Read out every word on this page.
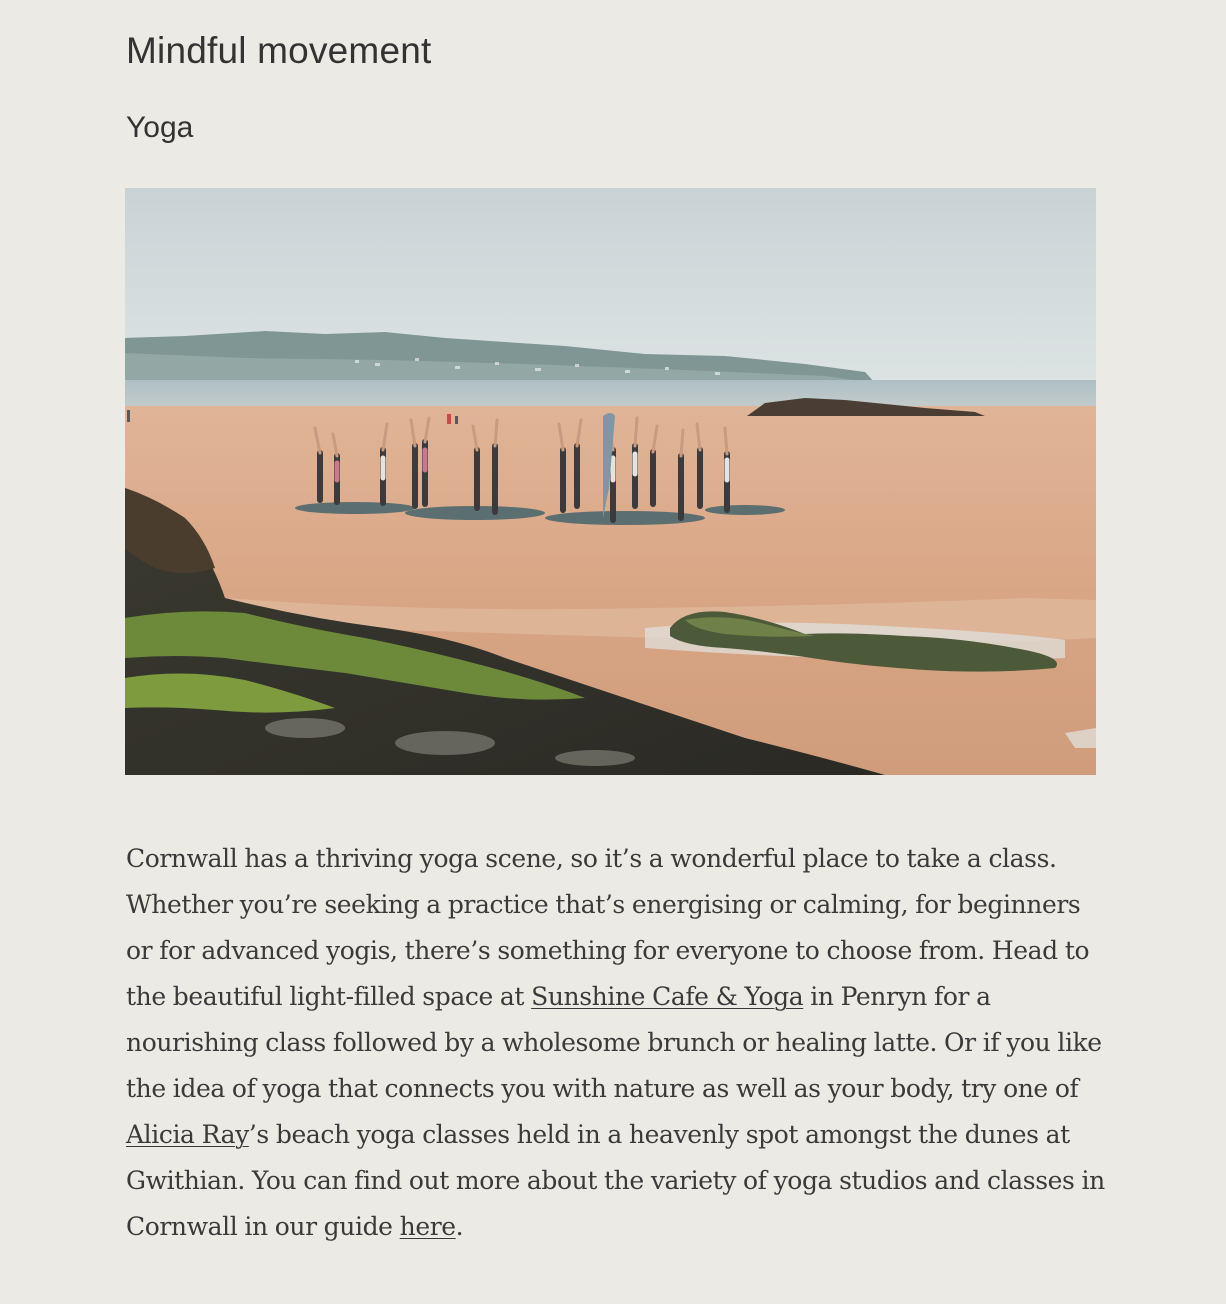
Mindful movement
Yoga

Cornwall has a thriving yoga scene, so it’s a wonderful place to take a class. Whether you’re seeking a practice that’s energising or calming, for beginners or for advanced yogis, there’s something for everyone to choose from. Head to the beautiful light-filled space at Sunshine Cafe & Yoga in Penryn for a nourishing class followed by a wholesome brunch or healing latte. Or if you like the idea of yoga that connects you with nature as well as your body, try one of Alicia Ray’s beach yoga classes held in a heavenly spot amongst the dunes at Gwithian. You can find out more about the variety of yoga studios and classes in Cornwall in our guide here.
